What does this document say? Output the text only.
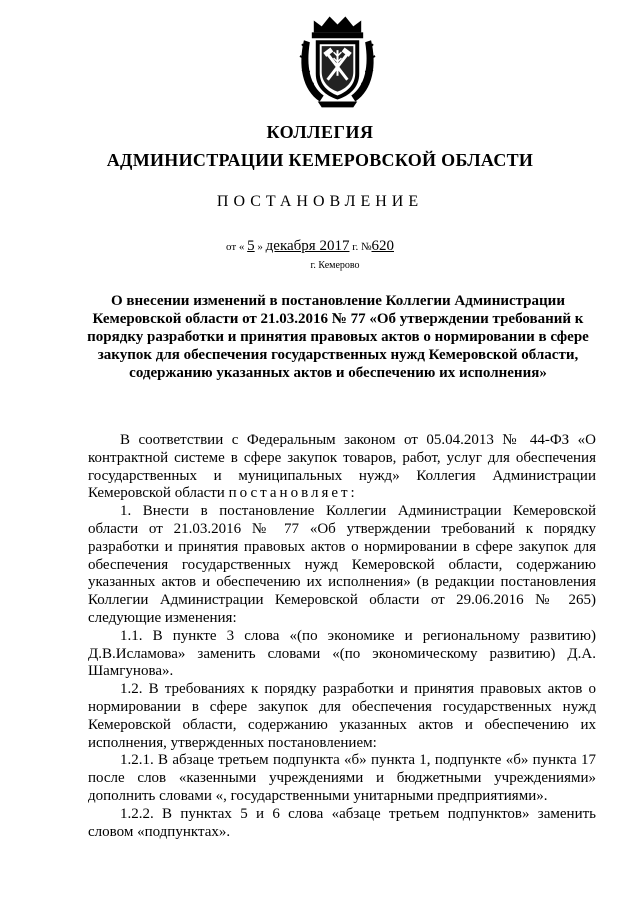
КОЛЛЕГИЯ
АДМИНИСТРАЦИИ КЕМЕРОВСКОЙ ОБЛАСТИ
ПОСТАНОВЛЕНИЕ
от « 5 » декабря 2017 г. №620
г. Кемерово
О внесении изменений в постановление Коллегии Администрации Кемеровской области от 21.03.2016 № 77 «Об утверждении требований к порядку разработки и принятия правовых актов о нормировании в сфере закупок для обеспечения государственных нужд Кемеровской области, содержанию указанных актов и обеспечению их исполнения»

В соответствии с Федеральным законом от 05.04.2013 № 44-ФЗ «О контрактной системе в сфере закупок товаров, работ, услуг для обеспечения государственных и муниципальных нужд» Коллегия Администрации Кемеровской области постановляет:

1. Внести в постановление Коллегии Администрации Кемеровской области от 21.03.2016 № 77 «Об утверждении требований к порядку разработки и принятия правовых актов о нормировании в сфере закупок для обеспечения государственных нужд Кемеровской области, содержанию указанных актов и обеспечению их исполнения» (в редакции постановления Коллегии Администрации Кемеровской области от 29.06.2016 № 265) следующие изменения:

1.1. В пункте 3 слова «(по экономике и региональному развитию) Д.В.Исламова» заменить словами «(по экономическому развитию) Д.А. Шамгунова».

1.2. В требованиях к порядку разработки и принятия правовых актов о нормировании в сфере закупок для обеспечения государственных нужд Кемеровской области, содержанию указанных актов и обеспечению их исполнения, утвержденных постановлением:

1.2.1. В абзаце третьем подпункта «б» пункта 1, подпункте «б» пункта 17 после слов «казенными учреждениями и бюджетными учреждениями» дополнить словами «, государственными унитарными предприятиями».

1.2.2. В пунктах 5 и 6 слова «абзаце третьем подпунктов» заменить словом «подпунктах».
